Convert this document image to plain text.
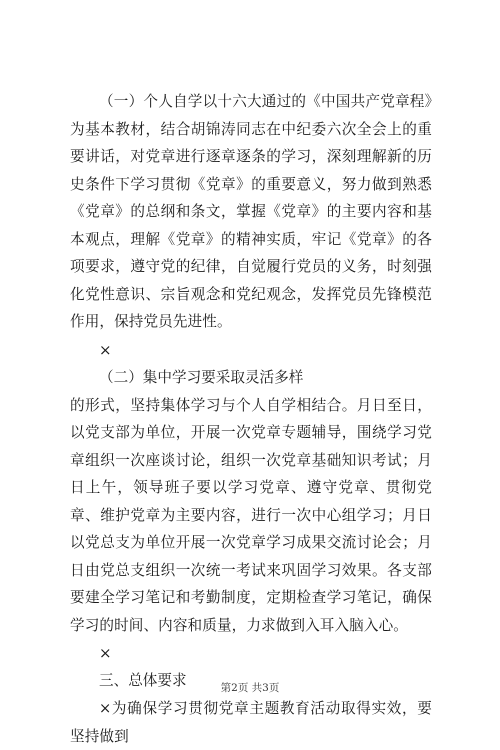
（一）个人自学以十六大通过的《中国共产党章程》为基本教材，结合胡锦涛同志在中纪委六次全会上的重要讲话，对党章进行逐章逐条的学习，深刻理解新的历史条件下学习贯彻《党章》的重要意义，努力做到熟悉《党章》的总纲和条文，掌握《党章》的主要内容和基本观点，理解《党章》的精神实质，牢记《党章》的各项要求，遵守党的纪律，自觉履行党员的义务，时刻强化党性意识、宗旨观念和党纪观念，发挥党员先锋模范作用，保持党员先进性。

×

（二）集中学习要采取灵活多样

的形式，坚持集体学习与个人自学相结合。月日至日，以党支部为单位，开展一次党章专题辅导，围绕学习党章组织一次座谈讨论，组织一次党章基础知识考试；月日上午，领导班子要以学习党章、遵守党章、贯彻党章、维护党章为主要内容，进行一次中心组学习；月日以党总支为单位开展一次党章学习成果交流讨论会；月日由党总支组织一次统一考试来巩固学习效果。各支部要建全学习笔记和考勤制度，定期检查学习笔记，确保学习的时间、内容和质量，力求做到入耳入脑入心。

×

三、总体要求

×为确保学习贯彻党章主题教育活动取得实效，要坚持做到

第2页 共3页
